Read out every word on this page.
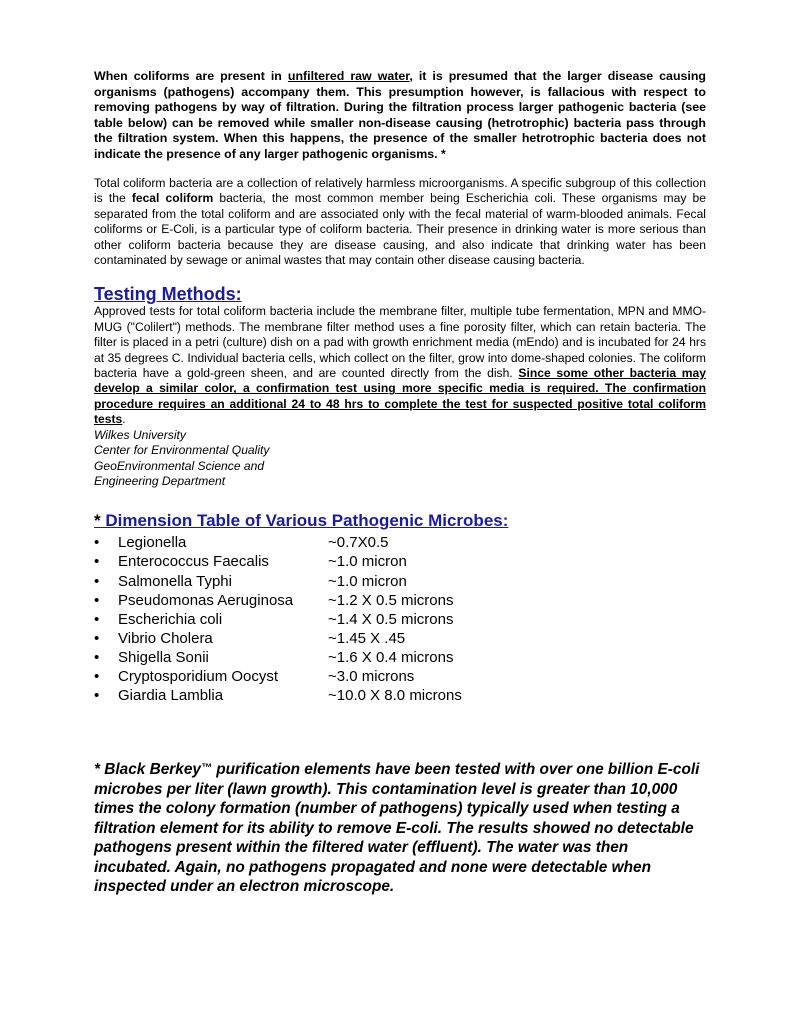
When coliforms are present in unfiltered raw water, it is presumed that the larger disease causing organisms (pathogens) accompany them. This presumption however, is fallacious with respect to removing pathogens by way of filtration. During the filtration process larger pathogenic bacteria (see table below) can be removed while smaller non-disease causing (hetrotrophic) bacteria pass through the filtration system. When this happens, the presence of the smaller hetrotrophic bacteria does not indicate the presence of any larger pathogenic organisms. *

Total coliform bacteria are a collection of relatively harmless microorganisms. A specific subgroup of this collection is the fecal coliform bacteria, the most common member being Escherichia coli. These organisms may be separated from the total coliform and are associated only with the fecal material of warm-blooded animals. Fecal coliforms or E-Coli, is a particular type of coliform bacteria. Their presence in drinking water is more serious than other coliform bacteria because they are disease causing, and also indicate that drinking water has been contaminated by sewage or animal wastes that may contain other disease causing bacteria.

Testing Methods:

Approved tests for total coliform bacteria include the membrane filter, multiple tube fermentation, MPN and MMO-MUG ("Colilert") methods. The membrane filter method uses a fine porosity filter, which can retain bacteria. The filter is placed in a petri (culture) dish on a pad with growth enrichment media (mEndo) and is incubated for 24 hrs at 35 degrees C. Individual bacteria cells, which collect on the filter, grow into dome-shaped colonies. The coliform bacteria have a gold-green sheen, and are counted directly from the dish. Since some other bacteria may develop a similar color, a confirmation test using more specific media is required. The confirmation procedure requires an additional 24 to 48 hrs to complete the test for suspected positive total coliform tests.

Wilkes University
Center for Environmental Quality
GeoEnvironmental Science and
Engineering Department
* Dimension Table of Various Pathogenic Microbes:
• Legionella	~0.7X0.5
• Enterococcus Faecalis	~1.0 micron
• Salmonella Typhi	~1.0 micron
• Pseudomonas Aeruginosa ~1.2 X 0.5 microns
• Escherichia coli	~1.4 X 0.5 microns
• Vibrio Cholera	~1.45 X .45
• Shigella Sonii	~1.6 X 0.4 microns
• Cryptosporidium Oocyst	~3.0 microns
• Giardia Lamblia	~10.0 X 8.0 microns

* Black Berkey™ purification elements have been tested with over one billion E-coli microbes per liter (lawn growth). This contamination level is greater than 10,000 times the colony formation (number of pathogens) typically used when testing a filtration element for its ability to remove E-coli. The results showed no detectable pathogens present within the filtered water (effluent). The water was then incubated. Again, no pathogens propagated and none were detectable when inspected under an electron microscope.
